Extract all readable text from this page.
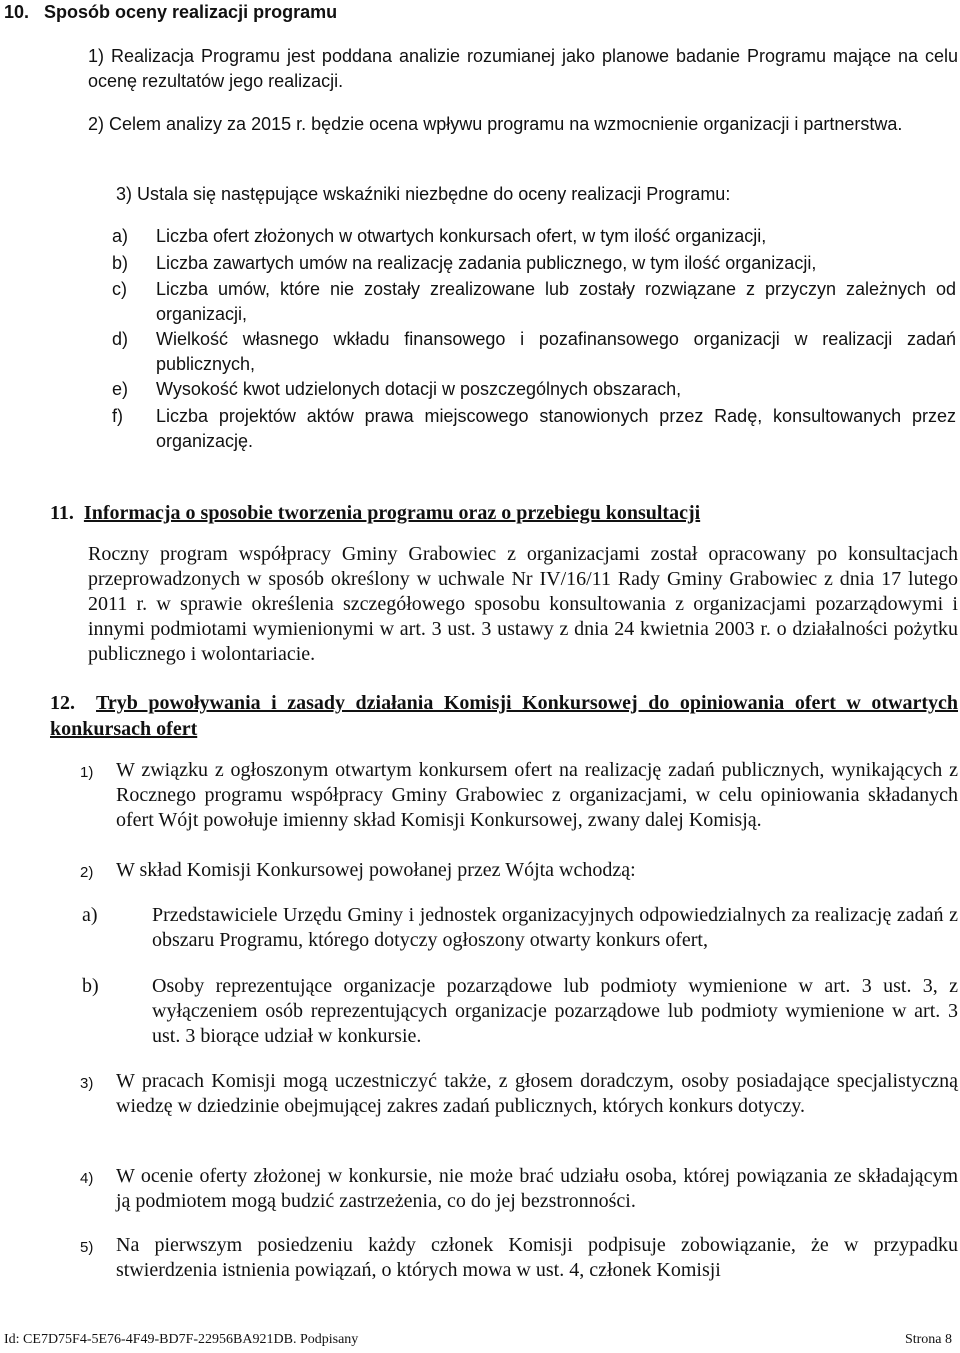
10. Sposób oceny realizacji programu
1) Realizacja Programu jest poddana analizie rozumianej jako planowe badanie Programu mające na celu ocenę rezultatów jego realizacji.
2) Celem analizy za 2015 r. będzie ocena wpływu programu na wzmocnienie organizacji i partnerstwa.
3) Ustala się następujące wskaźniki niezbędne do oceny realizacji Programu:
a) Liczba ofert złożonych w otwartych konkursach ofert, w tym ilość organizacji,
b) Liczba zawartych umów na realizację zadania publicznego, w tym ilość organizacji,
c) Liczba umów, które nie zostały zrealizowane lub zostały rozwiązane z przyczyn zależnych od organizacji,
d) Wielkość własnego wkładu finansowego i pozafinansowego organizacji w realizacji zadań publicznych,
e) Wysokość kwot udzielonych dotacji w poszczególnych obszarach,
f) Liczba projektów aktów prawa miejscowego stanowionych przez Radę, konsultowanych przez organizację.
11. Informacja o sposobie tworzenia programu oraz o przebiegu konsultacji
Roczny program współpracy Gminy Grabowiec z organizacjami został opracowany po konsultacjach przeprowadzonych w sposób określony w uchwale Nr IV/16/11 Rady Gminy Grabowiec z dnia 17 lutego 2011 r. w sprawie określenia szczegółowego sposobu konsultowania z organizacjami pozarządowymi i innymi podmiotami wymienionymi w art. 3 ust. 3 ustawy z dnia 24 kwietnia 2003 r. o działalności pożytku publicznego i wolontariacie.
12. Tryb powoływania i zasady działania Komisji Konkursowej do opiniowania ofert w otwartych konkursach ofert
1) W związku z ogłoszonym otwartym konkursem ofert na realizację zadań publicznych, wynikających z Rocznego programu współpracy Gminy Grabowiec z organizacjami, w celu opiniowania składanych ofert Wójt powołuje imienny skład Komisji Konkursowej, zwany dalej Komisją.
2) W skład Komisji Konkursowej powołanej przez Wójta wchodzą:
a)	Przedstawiciele Urzędu Gminy i jednostek organizacyjnych odpowiedzialnych za realizację zadań z obszaru Programu, którego dotyczy ogłoszony otwarty konkurs ofert,
b)	Osoby reprezentujące organizacje pozarządowe lub podmioty wymienione w art. 3 ust. 3, z wyłączeniem osób reprezentujących organizacje pozarządowe lub podmioty wymienione w art. 3 ust. 3 biorące udział w konkursie.
3) W pracach Komisji mogą uczestniczyć także, z głosem doradczym, osoby posiadające specjalistyczną wiedzę w dziedzinie obejmującej zakres zadań publicznych, których konkurs dotyczy.
4) W ocenie oferty złożonej w konkursie, nie może brać udziału osoba, której powiązania ze składającym ją podmiotem mogą budzić zastrzeżenia, co do jej bezstronności.
5) Na pierwszym posiedzeniu każdy członek Komisji podpisuje zobowiązanie, że w przypadku stwierdzenia istnienia powiązań, o których mowa w ust. 4, członek Komisji
Id: CE7D75F4-5E76-4F49-BD7F-22956BA921DB. Podpisany	Strona 8
